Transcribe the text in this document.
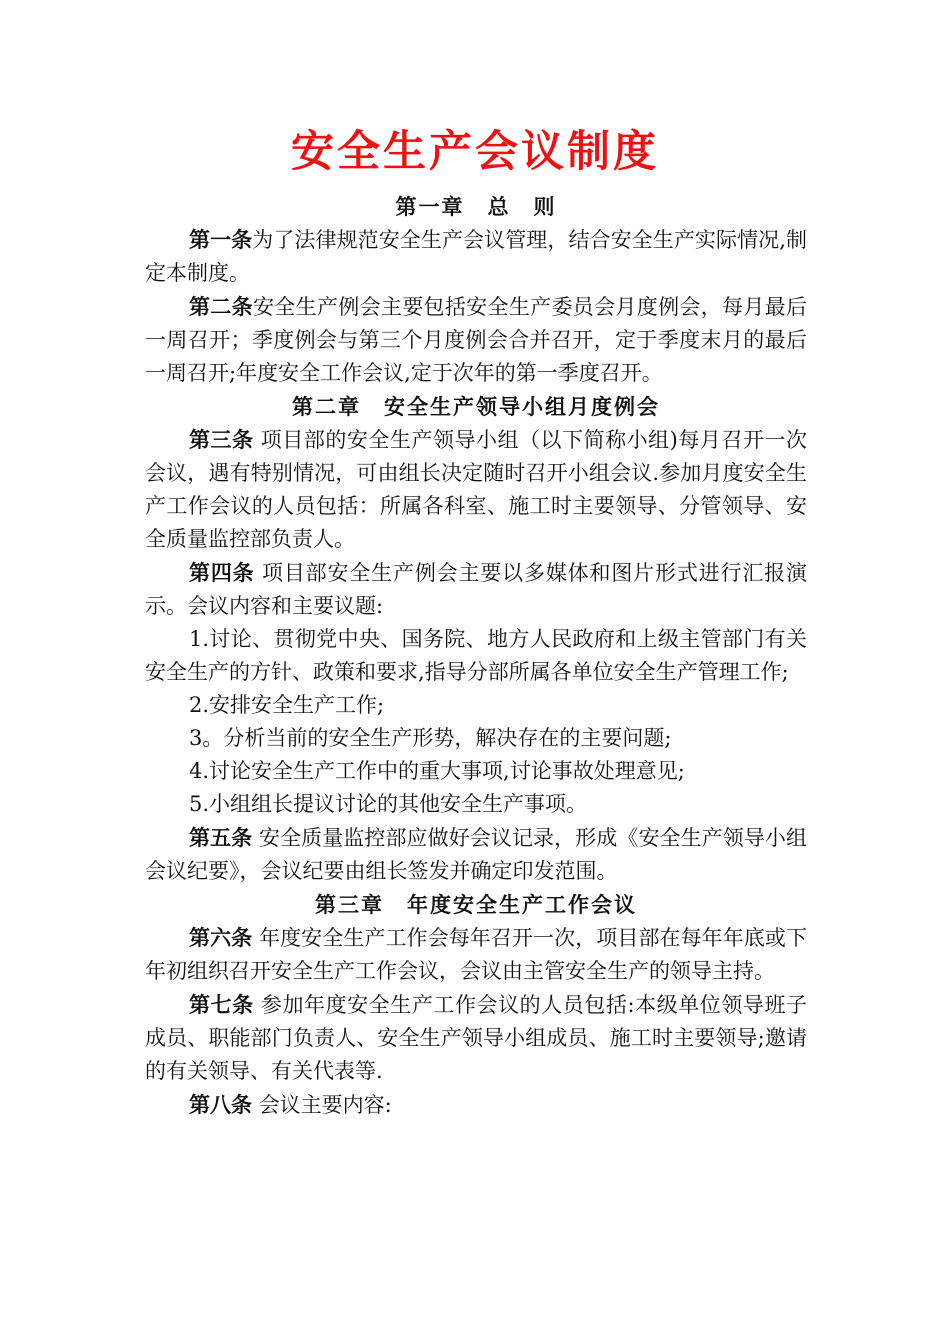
安全生产会议制度

第一章　总　则

第一条为了法律规范安全生产会议管理，结合安全生产实际情况,制定本制度。

第二条安全生产例会主要包括安全生产委员会月度例会，每月最后一周召开；季度例会与第三个月度例会合并召开，定于季度末月的最后一周召开;年度安全工作会议,定于次年的第一季度召开。

第二章　安全生产领导小组月度例会

第三条 项目部的安全生产领导小组（以下简称小组)每月召开一次会议，遇有特别情况，可由组长决定随时召开小组会议.参加月度安全生产工作会议的人员包括：所属各科室、施工时主要领导、分管领导、安全质量监控部负责人。

第四条 项目部安全生产例会主要以多媒体和图片形式进行汇报演示。会议内容和主要议题:

1.讨论、贯彻党中央、国务院、地方人民政府和上级主管部门有关安全生产的方针、政策和要求,指导分部所属各单位安全生产管理工作;

2.安排安全生产工作;

3。分析当前的安全生产形势，解决存在的主要问题;

4.讨论安全生产工作中的重大事项,讨论事故处理意见;

5.小组组长提议讨论的其他安全生产事项。

第五条 安全质量监控部应做好会议记录，形成《安全生产领导小组会议纪要》，会议纪要由组长签发并确定印发范围。

第三章　年度安全生产工作会议

第六条 年度安全生产工作会每年召开一次，项目部在每年年底或下年初组织召开安全生产工作会议，会议由主管安全生产的领导主持。

第七条 参加年度安全生产工作会议的人员包括:本级单位领导班子成员、职能部门负责人、安全生产领导小组成员、施工时主要领导;邀请的有关领导、有关代表等.

第八条 会议主要内容:
